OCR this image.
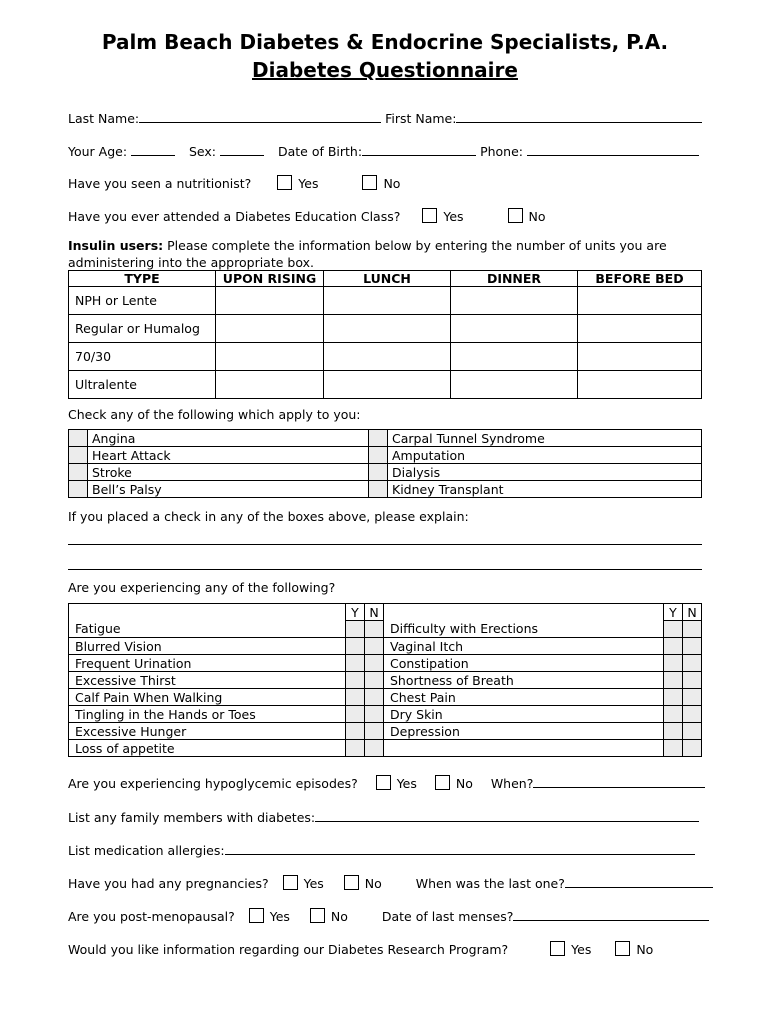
Palm Beach Diabetes & Endocrine Specialists, P.A.
Diabetes Questionnaire
Last Name:	First Name:
Your Age:	Sex:	Date of Birth:	Phone:
Have you seen a nutritionist?	Yes	No
Have you ever attended a Diabetes Education Class?	Yes	No
Insulin users: Please complete the information below by entering the number of units you are
administering into the appropriate box.
TYPE	UPON RISING	LUNCH	DINNER	BEFORE BED
NPH or Lente				
Regular or Humalog				
70/30				
Ultralente				
Check any of the following which apply to you:
	Angina		Carpal Tunnel Syndrome
	Heart Attack		Amputation
	Stroke		Dialysis
	Bell’s Palsy		Kidney Transplant
If you placed a check in any of the boxes above, please explain:
Are you experiencing any of the following?
	Y	N		Y	N
Fatigue			Difficulty with Erections		
Blurred Vision			Vaginal Itch		
Frequent Urination			Constipation		
Excessive Thirst			Shortness of Breath		
Calf Pain When Walking			Chest Pain		
Tingling in the Hands or Toes			Dry Skin		
Excessive Hunger			Depression		
Loss of appetite					
Are you experiencing hypoglycemic episodes?	Yes	No When?
List any family members with diabetes:
List medication allergies:
Have you had any pregnancies?	Yes	No	When was the last one?
Are you post-menopausal?	Yes	No	Date of last menses?
Would you like information regarding our Diabetes Research Program?	Yes	No
